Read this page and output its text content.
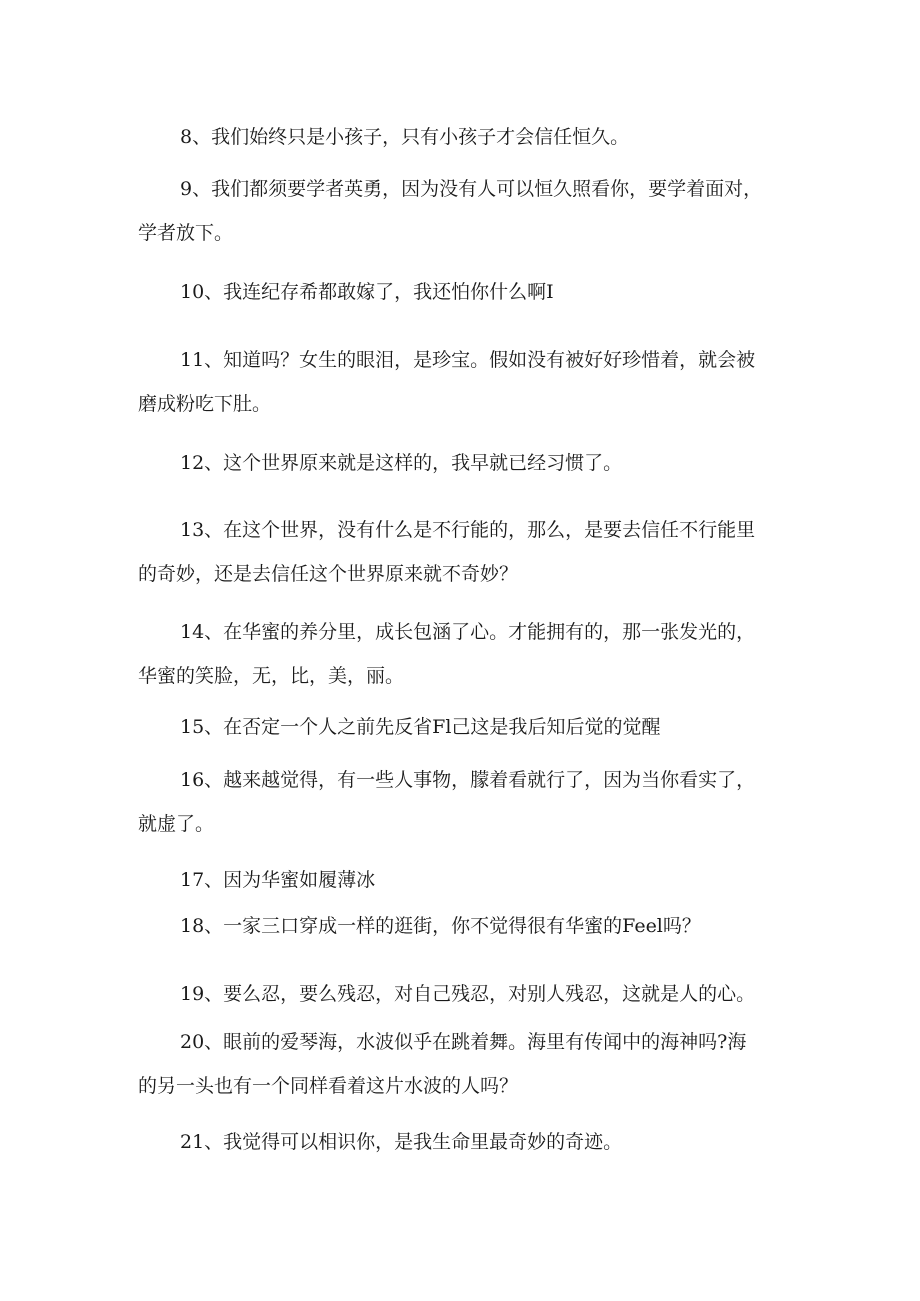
8、我们始终只是小孩子，只有小孩子才会信任恒久。

9、我们都须要学者英勇，因为没有人可以恒久照看你，要学着面对，
学者放下。

10、我连纪存希都敢嫁了，我还怕你什么啊I

11、知道吗？女生的眼泪，是珍宝。假如没有被好好珍惜着，就会被
磨成粉吃下肚。

12、这个世界原来就是这样的，我早就已经习惯了。

13、在这个世界，没有什么是不行能的，那么，是要去信任不行能里
的奇妙，还是去信任这个世界原来就不奇妙？

14、在华蜜的养分里，成长包涵了心。才能拥有的，那一张发光的，
华蜜的笑脸，无，比，美，丽。

15、在否定一个人之前先反省Fl己这是我后知后觉的觉醒

16、越来越觉得，有一些人事物，朦着看就行了，因为当你看实了，
就虚了。

17、因为华蜜如履薄冰

18、一家三口穿成一样的逛街，你不觉得很有华蜜的Feel吗？

19、要么忍，要么残忍，对自己残忍，对别人残忍，这就是人的心。

20、眼前的爱琴海，水波似乎在跳着舞。海里有传闻中的海神吗?海
的另一头也有一个同样看着这片水波的人吗？

21、我觉得可以相识你，是我生命里最奇妙的奇迹。
